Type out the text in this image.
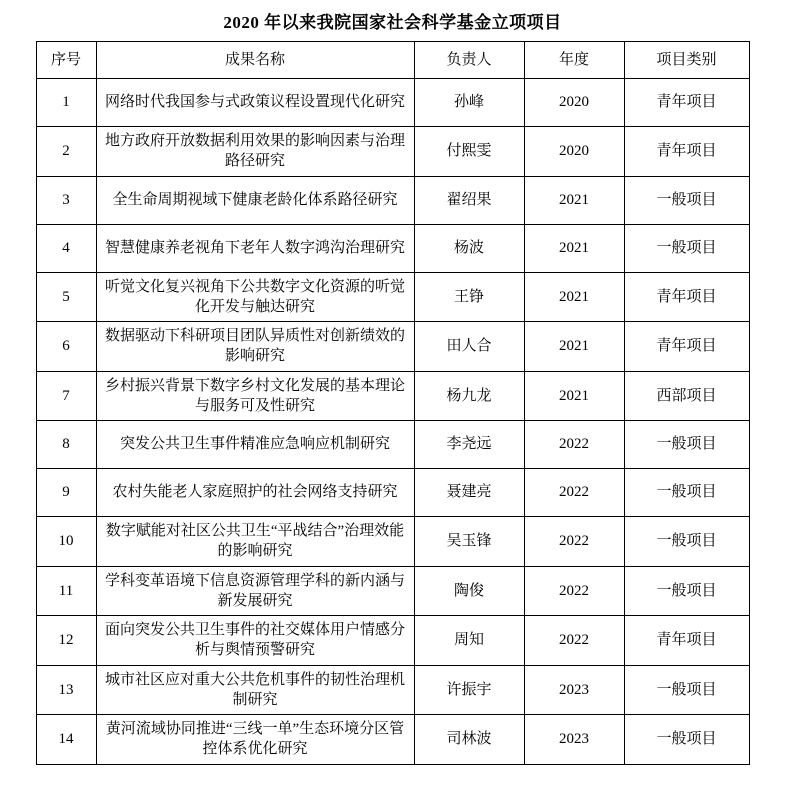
2020 年以来我院国家社会科学基金立项项目
序号	成果名称	负责人	年度	项目类别
1	网络时代我国参与式政策议程设置现代化研究	孙峰	2020	青年项目
2	地方政府开放数据利用效果的影响因素与治理路径研究	付熙雯	2020	青年项目
3	全生命周期视域下健康老龄化体系路径研究	翟绍果	2021	一般项目
4	智慧健康养老视角下老年人数字鸿沟治理研究	杨波	2021	一般项目
5	听觉文化复兴视角下公共数字文化资源的听觉化开发与触达研究	王铮	2021	青年项目
6	数据驱动下科研项目团队异质性对创新绩效的影响研究	田人合	2021	青年项目
7	乡村振兴背景下数字乡村文化发展的基本理论与服务可及性研究	杨九龙	2021	西部项目
8	突发公共卫生事件精准应急响应机制研究	李尧远	2022	一般项目
9	农村失能老人家庭照护的社会网络支持研究	聂建亮	2022	一般项目
10	数字赋能对社区公共卫生“平战结合”治理效能的影响研究	吴玉锋	2022	一般项目
11	学科变革语境下信息资源管理学科的新内涵与新发展研究	陶俊	2022	一般项目
12	面向突发公共卫生事件的社交媒体用户情感分析与舆情预警研究	周知	2022	青年项目
13	城市社区应对重大公共危机事件的韧性治理机制研究	许振宇	2023	一般项目
14	黄河流域协同推进“三线一单”生态环境分区管控体系优化研究	司林波	2023	一般项目
